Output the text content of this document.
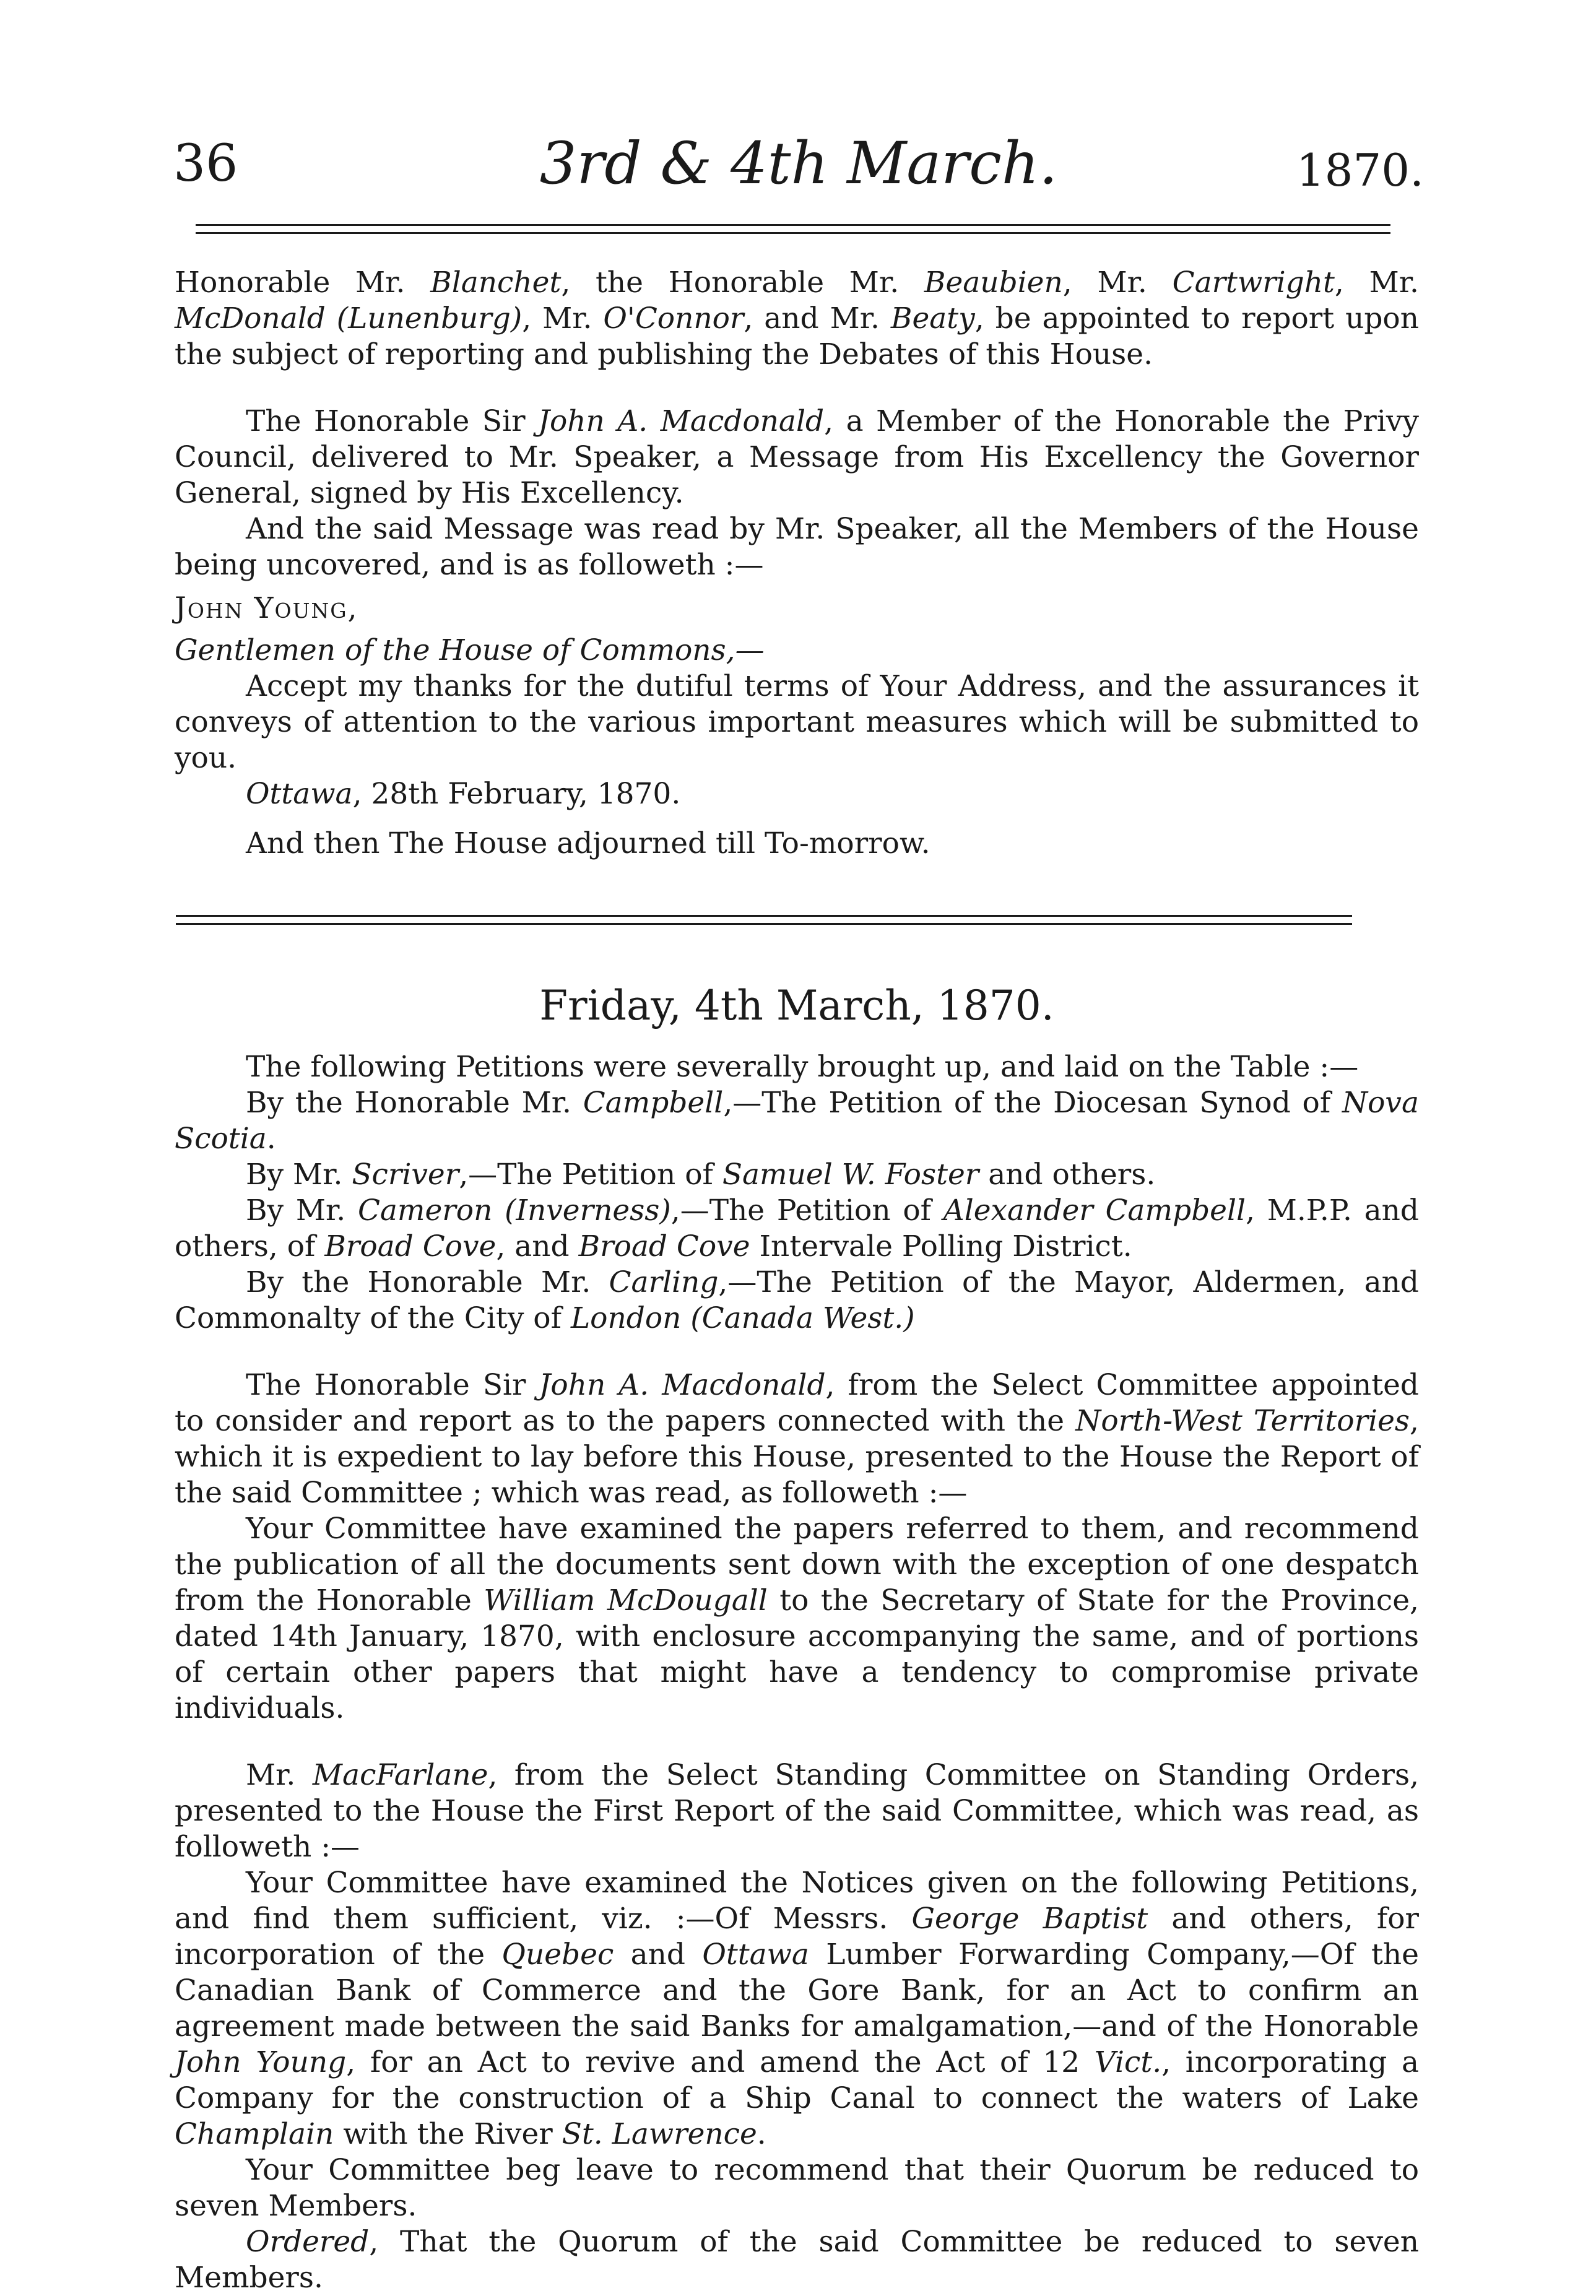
36	3rd & 4th March.	1870.

Honorable Mr. Blanchet, the Honorable Mr. Beaubien, Mr. Cartwright, Mr. McDonald (Lunenburg), Mr. O'Connor, and Mr. Beaty, be appointed to report upon the subject of reporting and publishing the Debates of this House.

The Honorable Sir John A. Macdonald, a Member of the Honorable the Privy Council, delivered to Mr. Speaker, a Message from His Excellency the Governor General, signed by His Excellency.

And the said Message was read by Mr. Speaker, all the Members of the House being uncovered, and is as followeth :—

John Young,

Gentlemen of the House of Commons,—

Accept my thanks for the dutiful terms of Your Address, and the assurances it conveys of attention to the various important measures which will be submitted to you.

Ottawa, 28th February, 1870.

And then The House adjourned till To-morrow.

Friday, 4th March, 1870.

The following Petitions were severally brought up, and laid on the Table :—

By the Honorable Mr. Campbell,—The Petition of the Diocesan Synod of Nova Scotia.

By Mr. Scriver,—The Petition of Samuel W. Foster and others.

By Mr. Cameron (Inverness),—The Petition of Alexander Campbell, M.P.P. and others, of Broad Cove, and Broad Cove Intervale Polling District.

By the Honorable Mr. Carling,—The Petition of the Mayor, Aldermen, and Commonalty of the City of London (Canada West.)

The Honorable Sir John A. Macdonald, from the Select Committee appointed to consider and report as to the papers connected with the North-West Territories, which it is expedient to lay before this House, presented to the House the Report of the said Committee ; which was read, as followeth :—

Your Committee have examined the papers referred to them, and recommend the publication of all the documents sent down with the exception of one despatch from the Honorable William McDougall to the Secretary of State for the Province, dated 14th January, 1870, with enclosure accompanying the same, and of portions of certain other papers that might have a tendency to compromise private individuals.

Mr. MacFarlane, from the Select Standing Committee on Standing Orders, presented to the House the First Report of the said Committee, which was read, as followeth :—

Your Committee have examined the Notices given on the following Petitions, and find them sufficient, viz. :—Of Messrs. George Baptist and others, for incorporation of the Quebec and Ottawa Lumber Forwarding Company,—Of the Canadian Bank of Commerce and the Gore Bank, for an Act to confirm an agreement made between the said Banks for amalgamation,—and of the Honorable John Young, for an Act to revive and amend the Act of 12 Vict., incorporating a Company for the construction of a Ship Canal to connect the waters of Lake Champlain with the River St. Lawrence.

Your Committee beg leave to recommend that their Quorum be reduced to seven Members.

Ordered, That the Quorum of the said Committee be reduced to seven Members.
